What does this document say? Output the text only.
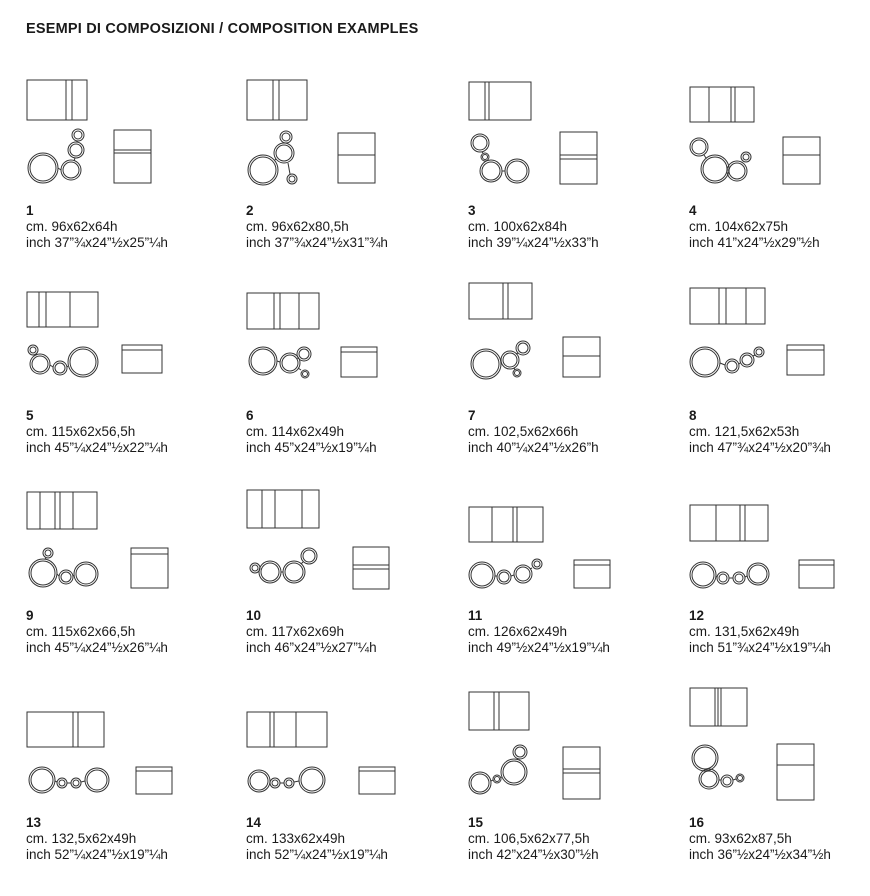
ESEMPI DI COMPOSIZIONI / COMPOSITION EXAMPLES
1
cm. 96x62x64h
inch 37”¾x24”½x25”¼h
2
cm. 96x62x80,5h
inch 37”¾x24”½x31”¾h
3
cm. 100x62x84h
inch 39”¼x24”½x33”h
4
cm. 104x62x75h
inch 41”x24”½x29”½h
5
cm. 115x62x56,5h
inch 45”¼x24”½x22”¼h
6
cm. 114x62x49h
inch 45”x24”½x19”¼h
7
cm. 102,5x62x66h
inch 40”¼x24”½x26”h
8
cm. 121,5x62x53h
inch 47”¾x24”½x20”¾h
9
cm. 115x62x66,5h
inch 45”¼x24”½x26”¼h
10
cm. 117x62x69h
inch 46”x24”½x27”¼h
11
cm. 126x62x49h
inch 49”½x24”½x19”¼h
12
cm. 131,5x62x49h
inch 51”¾x24”½x19”¼h
13
cm. 132,5x62x49h
inch 52”¼x24”½x19”¼h
14
cm. 133x62x49h
inch 52”¼x24”½x19”¼h
15
cm. 106,5x62x77,5h
inch 42”x24”½x30”½h
16
cm. 93x62x87,5h
inch 36”½x24”½x34”½h
